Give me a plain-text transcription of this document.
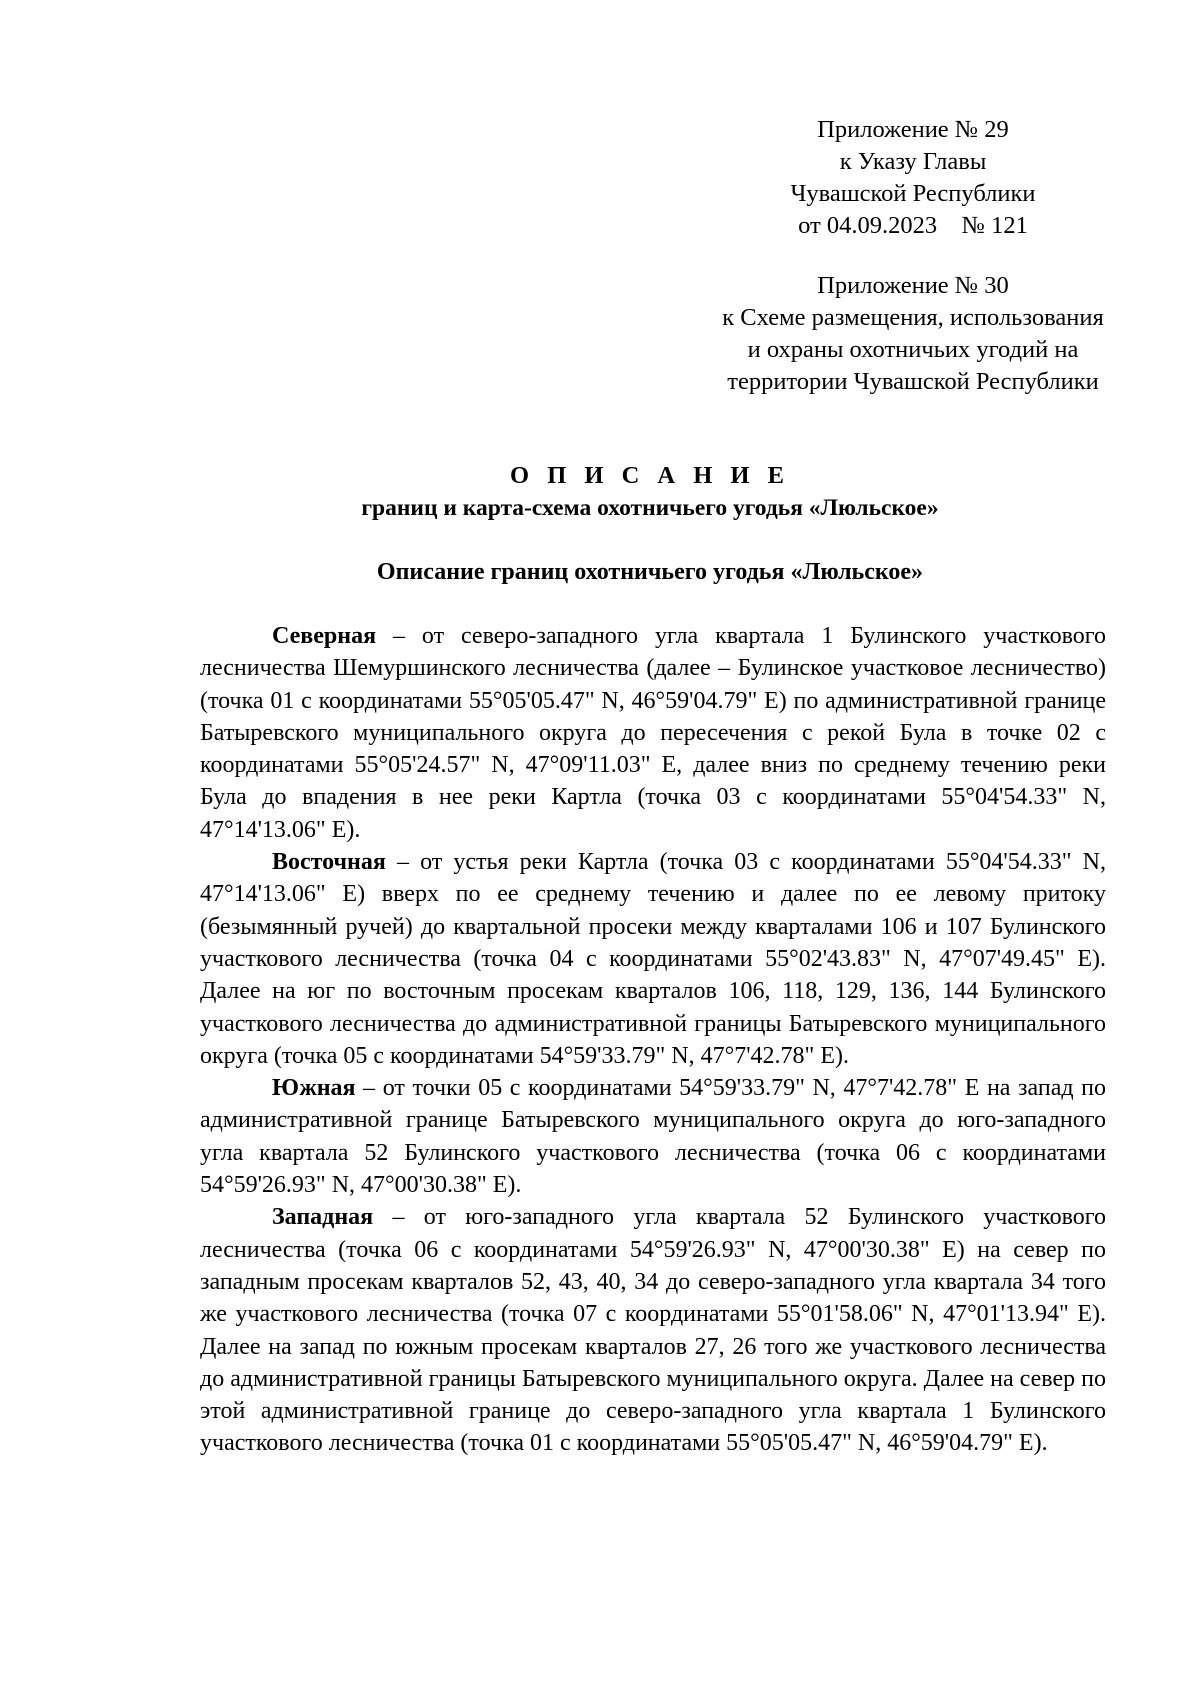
Приложение № 29
к Указу Главы
Чувашской Республики
от 04.09.2023    № 121
Приложение № 30
к Схеме размещения, использования
и охраны охотничьих угодий на
территории Чувашской Республики
О П И С А Н И Е
границ и карта-схема охотничьего угодья «Люльское»
Описание границ охотничьего угодья «Люльское»

Северная – от северо-западного угла квартала 1 Булинского участкового лесничества Шемуршинского лесничества (далее – Булинское участковое лесничество) (точка 01 с координатами 55°05'05.47" N, 46°59'04.79" E) по административной границе Батыревского муниципального округа до пересечения с рекой Була в точке 02 с координатами 55°05'24.57" N, 47°09'11.03" E, далее вниз по среднему течению реки Була до впадения в нее реки Картла (точка 03 с координатами 55°04'54.33" N, 47°14'13.06" E).

Восточная – от устья реки Картла (точка 03 с координатами 55°04'54.33" N, 47°14'13.06" E) вверх по ее среднему течению и далее по ее левому притоку (безымянный ручей) до квартальной просеки между кварталами 106 и 107 Булинского участкового лесничества (точка 04 с координатами 55°02'43.83" N, 47°07'49.45" E). Далее на юг по восточным просекам кварталов 106, 118, 129, 136, 144 Булинского участкового лесничества до административной границы Батыревского муниципального округа (точка 05 с координатами 54°59'33.79" N, 47°7'42.78" E).

Южная – от точки 05 с координатами 54°59'33.79" N, 47°7'42.78" E на запад по административной границе Батыревского муниципального округа до юго-западного угла квартала 52 Булинского участкового лесничества (точка 06 с координатами 54°59'26.93" N, 47°00'30.38" E).

Западная – от юго-западного угла квартала 52 Булинского участкового лесничества (точка 06 с координатами 54°59'26.93" N, 47°00'30.38" E) на север по западным просекам кварталов 52, 43, 40, 34 до северо-западного угла квартала 34 того же участкового лесничества (точка 07 с координатами 55°01'58.06" N, 47°01'13.94" E). Далее на запад по южным просекам кварталов 27, 26 того же участкового лесничества до административной границы Батыревского муниципального округа. Далее на север по этой административной границе до северо-западного угла квартала 1 Булинского участкового лесничества (точка 01 с координатами 55°05'05.47" N, 46°59'04.79" E).
